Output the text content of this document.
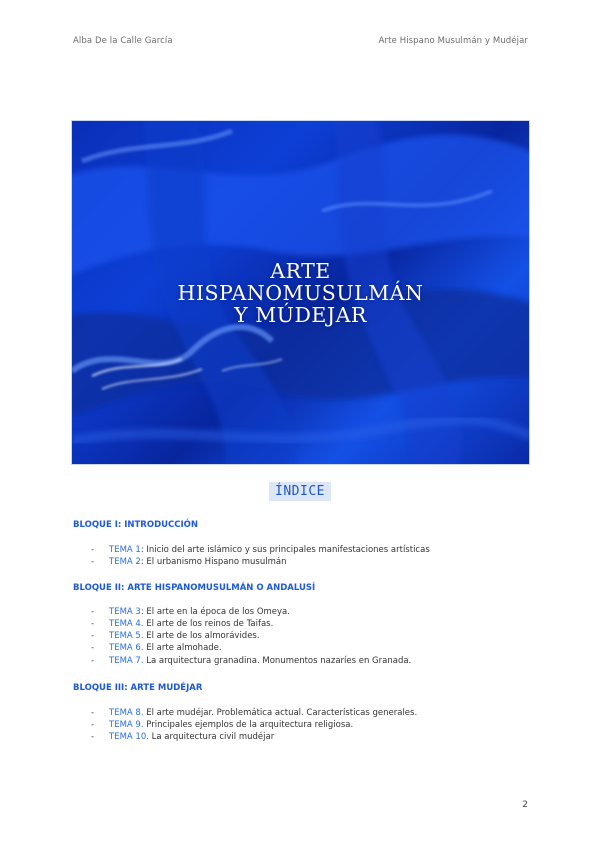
Alba De la Calle García	Arte Hispano Musulmán y Mudéjar
ARTE
HISPANOMUSULMÁN
Y MÚDEJAR
ÍNDICE
BLOQUE I: INTRODUCCIÓN
- TEMA 1: Inicio del arte islámico y sus principales manifestaciones artísticas
- TEMA 2: El urbanismo Hispano musulmán
BLOQUE II: ARTE HISPANOMUSULMÁN O ANDALUSÍ
- TEMA 3: El arte en la época de los Omeya.
- TEMA 4. El arte de los reinos de Taifas.
- TEMA 5. El arte de los almorávides.
- TEMA 6. El arte almohade.
- TEMA 7. La arquitectura granadina. Monumentos nazaríes en Granada.
BLOQUE III: ARTE MUDÉJAR
- TEMA 8. El arte mudéjar. Problemática actual. Características generales.
- TEMA 9. Principales ejemplos de la arquitectura religiosa.
- TEMA 10. La arquitectura civil mudéjar
2
